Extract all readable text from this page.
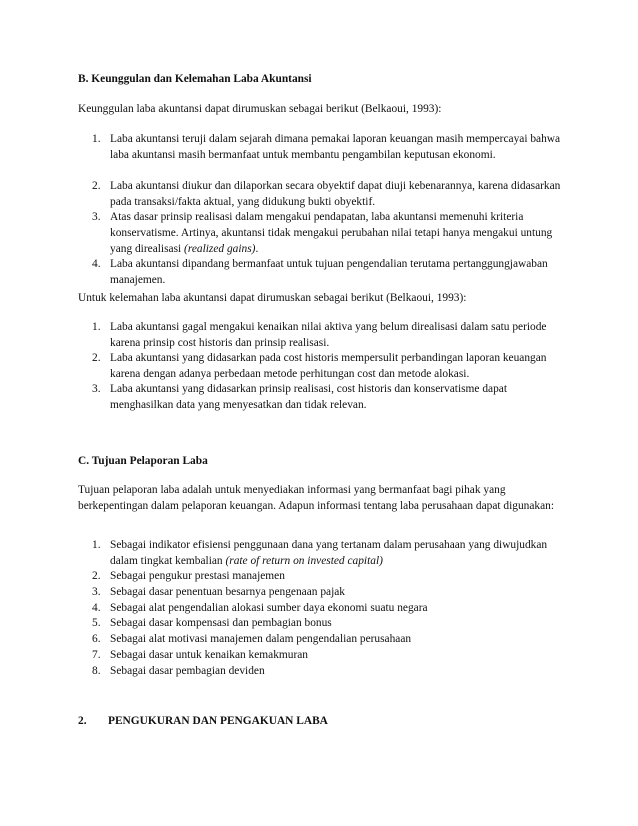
B. Keunggulan dan Kelemahan Laba Akuntansi

Keunggulan laba akuntansi dapat dirumuskan sebagai berikut (Belkaoui, 1993):

1. Laba akuntansi teruji dalam sejarah dimana pemakai laporan keuangan masih mempercayai bahwa laba akuntansi masih bermanfaat untuk membantu pengambilan keputusan ekonomi.
2. Laba akuntansi diukur dan dilaporkan secara obyektif dapat diuji kebenarannya, karena didasarkan pada transaksi/fakta aktual, yang didukung bukti obyektif.
3. Atas dasar prinsip realisasi dalam mengakui pendapatan, laba akuntansi memenuhi kriteria konservatisme. Artinya, akuntansi tidak mengakui perubahan nilai tetapi hanya mengakui untung yang direalisasi (realized gains).
4. Laba akuntansi dipandang bermanfaat untuk tujuan pengendalian terutama pertanggungjawaban manajemen.

Untuk kelemahan laba akuntansi dapat dirumuskan sebagai berikut (Belkaoui, 1993):

1. Laba akuntansi gagal mengakui kenaikan nilai aktiva yang belum direalisasi dalam satu periode karena prinsip cost historis dan prinsip realisasi.
2. Laba akuntansi yang didasarkan pada cost historis mempersulit perbandingan laporan keuangan karena dengan adanya perbedaan metode perhitungan cost dan metode alokasi.
3. Laba akuntansi yang didasarkan prinsip realisasi, cost historis dan konservatisme dapat menghasilkan data yang menyesatkan dan tidak relevan.

C. Tujuan Pelaporan Laba

Tujuan pelaporan laba adalah untuk menyediakan informasi yang bermanfaat bagi pihak yang berkepentingan dalam pelaporan keuangan. Adapun informasi tentang laba perusahaan dapat digunakan:

1. Sebagai indikator efisiensi penggunaan dana yang tertanam dalam perusahaan yang diwujudkan dalam tingkat kembalian (rate of return on invested capital)
2. Sebagai pengukur prestasi manajemen
3. Sebagai dasar penentuan besarnya pengenaan pajak
4. Sebagai alat pengendalian alokasi sumber daya ekonomi suatu negara
5. Sebagai dasar kompensasi dan pembagian bonus
6. Sebagai alat motivasi manajemen dalam pengendalian perusahaan
7. Sebagai dasar untuk kenaikan kemakmuran
8. Sebagai dasar pembagian deviden

2. PENGUKURAN DAN PENGAKUAN LABA
